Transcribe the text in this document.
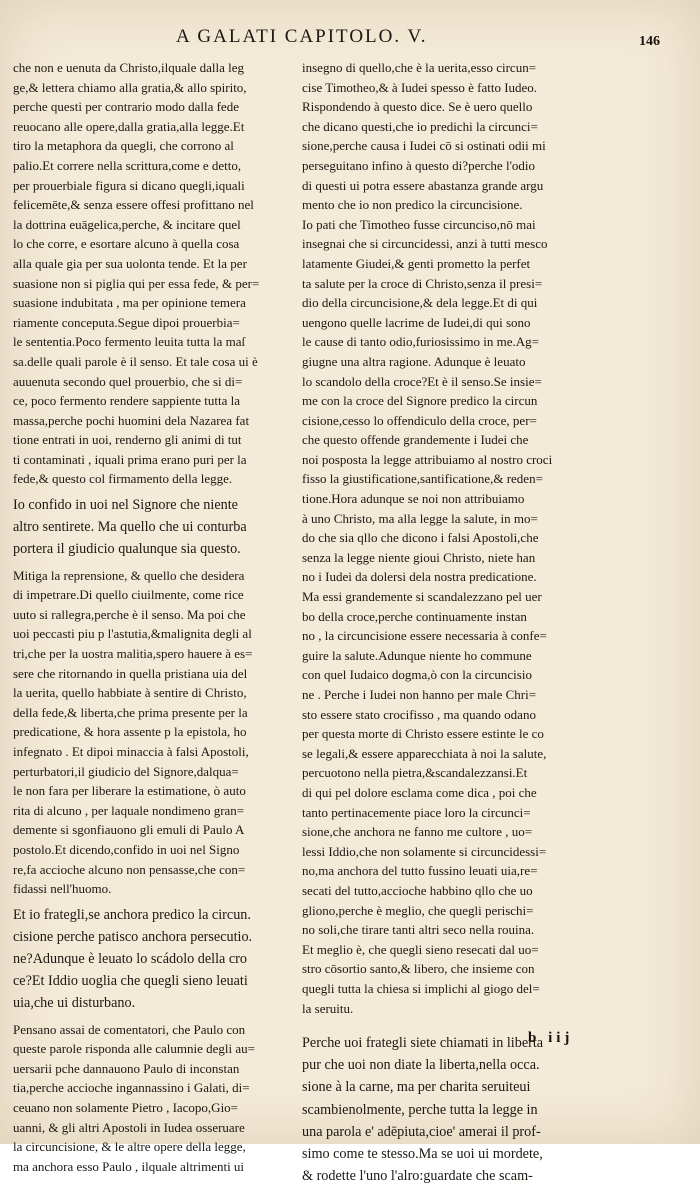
A GALATI CAPITOLO. V.	146
che non e uenuta da Christo,ilquale dalla leg
ge,& lettera chiamo alla gratia,& allo spirito,
perche questi per contrario modo dalla fede
reuocano alle opere,dalla gratia,alla legge.Et
tiro la metaphora da quegli, che corrono al
palio.Et correre nella scrittura,come e detto,
per prouerbiale figura si dicano quegli,iquali
felicemēte,& senza essere offesi profittano nel
la dottrina euāgelica,perche, & incitare quel
lo che corre, e esortare alcuno à quella cosa
alla quale gia per sua uolonta tende. Et la per
suasione non si piglia qui per essa fede, & per=
suasione indubitata , ma per opinione temera
riamente conceputa.Segue dipoi prouerbia=
le sententia.Poco fermento leuita tutta la maſ
sa.delle quali parole è il senso. Et tale cosa ui è
auuenuta secondo quel prouerbio, che si di=
ce, poco fermento rendere sappiente tutta la
massa,perche pochi huomini dela Nazarea fat
tione entrati in uoi, renderno gli animi di tut
ti contaminati , iquali prima erano puri per la
fede,& questo col firmamento della legge.
Io confido in uoi nel Signore che niente
altro sentirete. Ma quello che ui conturba
portera il giudicio qualunque sia questo.
Mitiga la reprensione, & quello che desidera
di impetrare.Di quello ciuilmente, come rice
uuto si rallegra,perche è il senso. Ma poi che
uoi peccasti piu p l'astutia,&malignita degli al
tri,che per la uostra malitia,spero hauere à es=
sere che ritornando in quella pristiana uia del
la uerita, quello habbiate à sentire di Christo,
della fede,& liberta,che prima presente per la
predicatione, & hora assente p la epistola, ho
infegnato . Et dipoi minaccia à falsi Apostoli,
perturbatori,il giudicio del Signore,dalqua=
le non fara per liberare la estimatione, ò auto
rita di alcuno , per laquale nondimeno gran=
demente si sgonfiauono gli emuli di Paulo A
postolo.Et dicendo,confido in uoi nel Signo
re,fa accioche alcuno non pensasse,che con=
fidassi nell'huomo.
Et io frategli,se anchora predico la circun.
cisione perche patisco anchora persecutio.
ne?Adunque è leuato lo scádolo della cro
ce?Et Iddio uoglia che quegli sieno leuati
uia,che ui disturbano.
Pensano assai de comentatori, che Paulo con
queste parole risponda alle calumnie degli au=
uersarii pche dannauono Paulo di inconstan
tia,perche accioche ingannassino i Galati, di=
ceuano non solamente Pietro , Iacopo,Gio=
uanni, & gli altri Apostoli in Iudea osseruare
la circuncisione, & le altre opere della legge,
ma anchora esso Paulo , ilquale altrimenti ui
insegno di quello,che è la uerita,esso circun=
cise Timotheo,& à Iudei spesso è fatto Iudeo.
Rispondendo à questo dice. Se è uero quello
che dicano questi,che io predichi la circunci=
sione,perche causa i Iudei cō si ostinati odii mi
perseguitano infino à questo di?perche l'odio
di questi ui potra essere abastanza grande argu
mento che io non predico la circuncisione.
Io pati che Timotheo fusse circunciso,nō mai
insegnai che si circuncidessi, anzi à tutti mesco
latamente Giudei,& genti prometto la perfet
ta salute per la croce di Christo,senza il presi=
dio della circuncisione,& dela legge.Et di qui
uengono quelle lacrime de Iudei,di qui sono
le cause di tanto odio,furiosissimo in me.Ag=
giugne una altra ragione. Adunque è leuato
lo scandolo della croce?Et è il senso.Se insie=
me con la croce del Signore predico la circun
cisione,cesso lo offendiculo della croce, per=
che questo offende grandemente i Iudei che
noi posposta la legge attribuiamo al nostro croci
fisso la giustificatione,santificatione,& reden=
tione.Hora adunque se noi non attribuiamo
à uno Christo, ma alla legge la salute, in mo=
do che sia qllo che dicono i falsi Apostoli,che
senza la legge niente gioui Christo, niete han
no i Iudei da dolersi dela nostra predicatione.
Ma essi grandemente si scandalezzano pel uer
bo della croce,perche continuamente instan
no , la circuncisione essere necessaria à confe=
guire la salute.Adunque niente ho commune
con quel Iudaico dogma,ò con la circuncisio
ne . Perche i Iudei non hanno per male Chri=
sto essere stato crocifisso , ma quando odano
per questa morte di Christo essere estinte le co
se legali,& essere apparecchiata à noi la salute,
percuotono nella pietra,&scandalezzansi.Et
di qui pel dolore esclama come dica , poi che
tanto pertinacemente piace loro la circunci=
sione,che anchora ne fanno me cultore , uo=
lessi Iddio,che non solamente si circuncidessi=
no,ma anchora del tutto fussino leuati uia,re=
secati del tutto,accioche habbino qllo che uo
gliono,perche è meglio, che quegli perischi=
no soli,che tirare tanti altri seco nella rouina.
Et meglio è, che quegli sieno resecati dal uo=
stro cōsortio santo,& libero, che insieme con
quegli tutta la chiesa si implichi al giogo del=
la seruitu.
Perche uoi frategli siete chiamati in liberta
pur che uoi non diate la liberta,nella occa.
sione à la carne, ma per charita seruiteui
scambienolmente, perche tutta la legge in
una parola e' adēpiuta,cioe' amerai il prof-
simo come te stesso.Ma se uoi ui mordete,
& rodette l'uno l'alro:guardate che scam-
b iij
